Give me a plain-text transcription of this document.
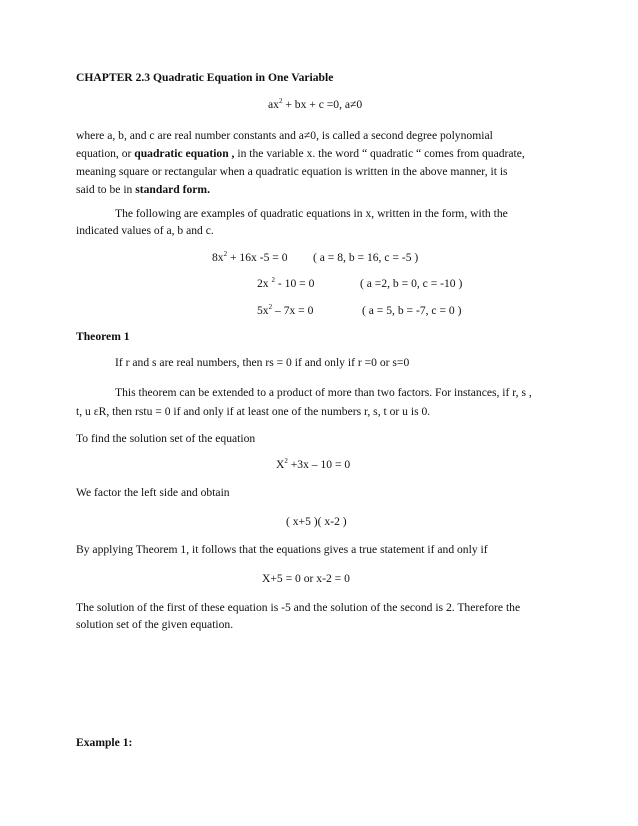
CHAPTER 2.3 Quadratic Equation in One Variable
$ax^2$ + bx + c =0, a≠0
where a, b, and c are real number constants and a≠0, is called a second degree polynomial
equation, or quadratic equation , in the variable x. the word “ quadratic “ comes from quadrate,
meaning square or rectangular when a quadratic equation is written in the above manner, it is
said to be in standard form.
The following are examples of quadratic equations in x, written in the form, with the
indicated values of a, b and c.
$8x^2 + 16x$ -5 = 0 ( a = 8, b = 16, c = -5 )
2x $^2$ - 10 = 0	( a =2, b = 0, c = -10 )
$5x^2 - 7x = 0$	( a = 5, b = -7, c = 0 )
Theorem 1
If r and s are real numbers, then rs = 0 if and only if r =0 or s=0
This theorem can be extended to a product of more than two factors. For instances, if r, s ,
t, u εR, then rstu = 0 if and only if at least one of the numbers r, s, t or u is 0.
To find the solution set of the equation
$X^2 +3x - 10 = 0$
We factor the left side and obtain
( x+5 )( x-2 )
By applying Theorem 1, it follows that the equations gives a true statement if and only if
X+5 = 0 or x-2 = 0
The solution of the first of these equation is -5 and the solution of the second is 2. Therefore the
solution set of the given equation.
Example 1:
